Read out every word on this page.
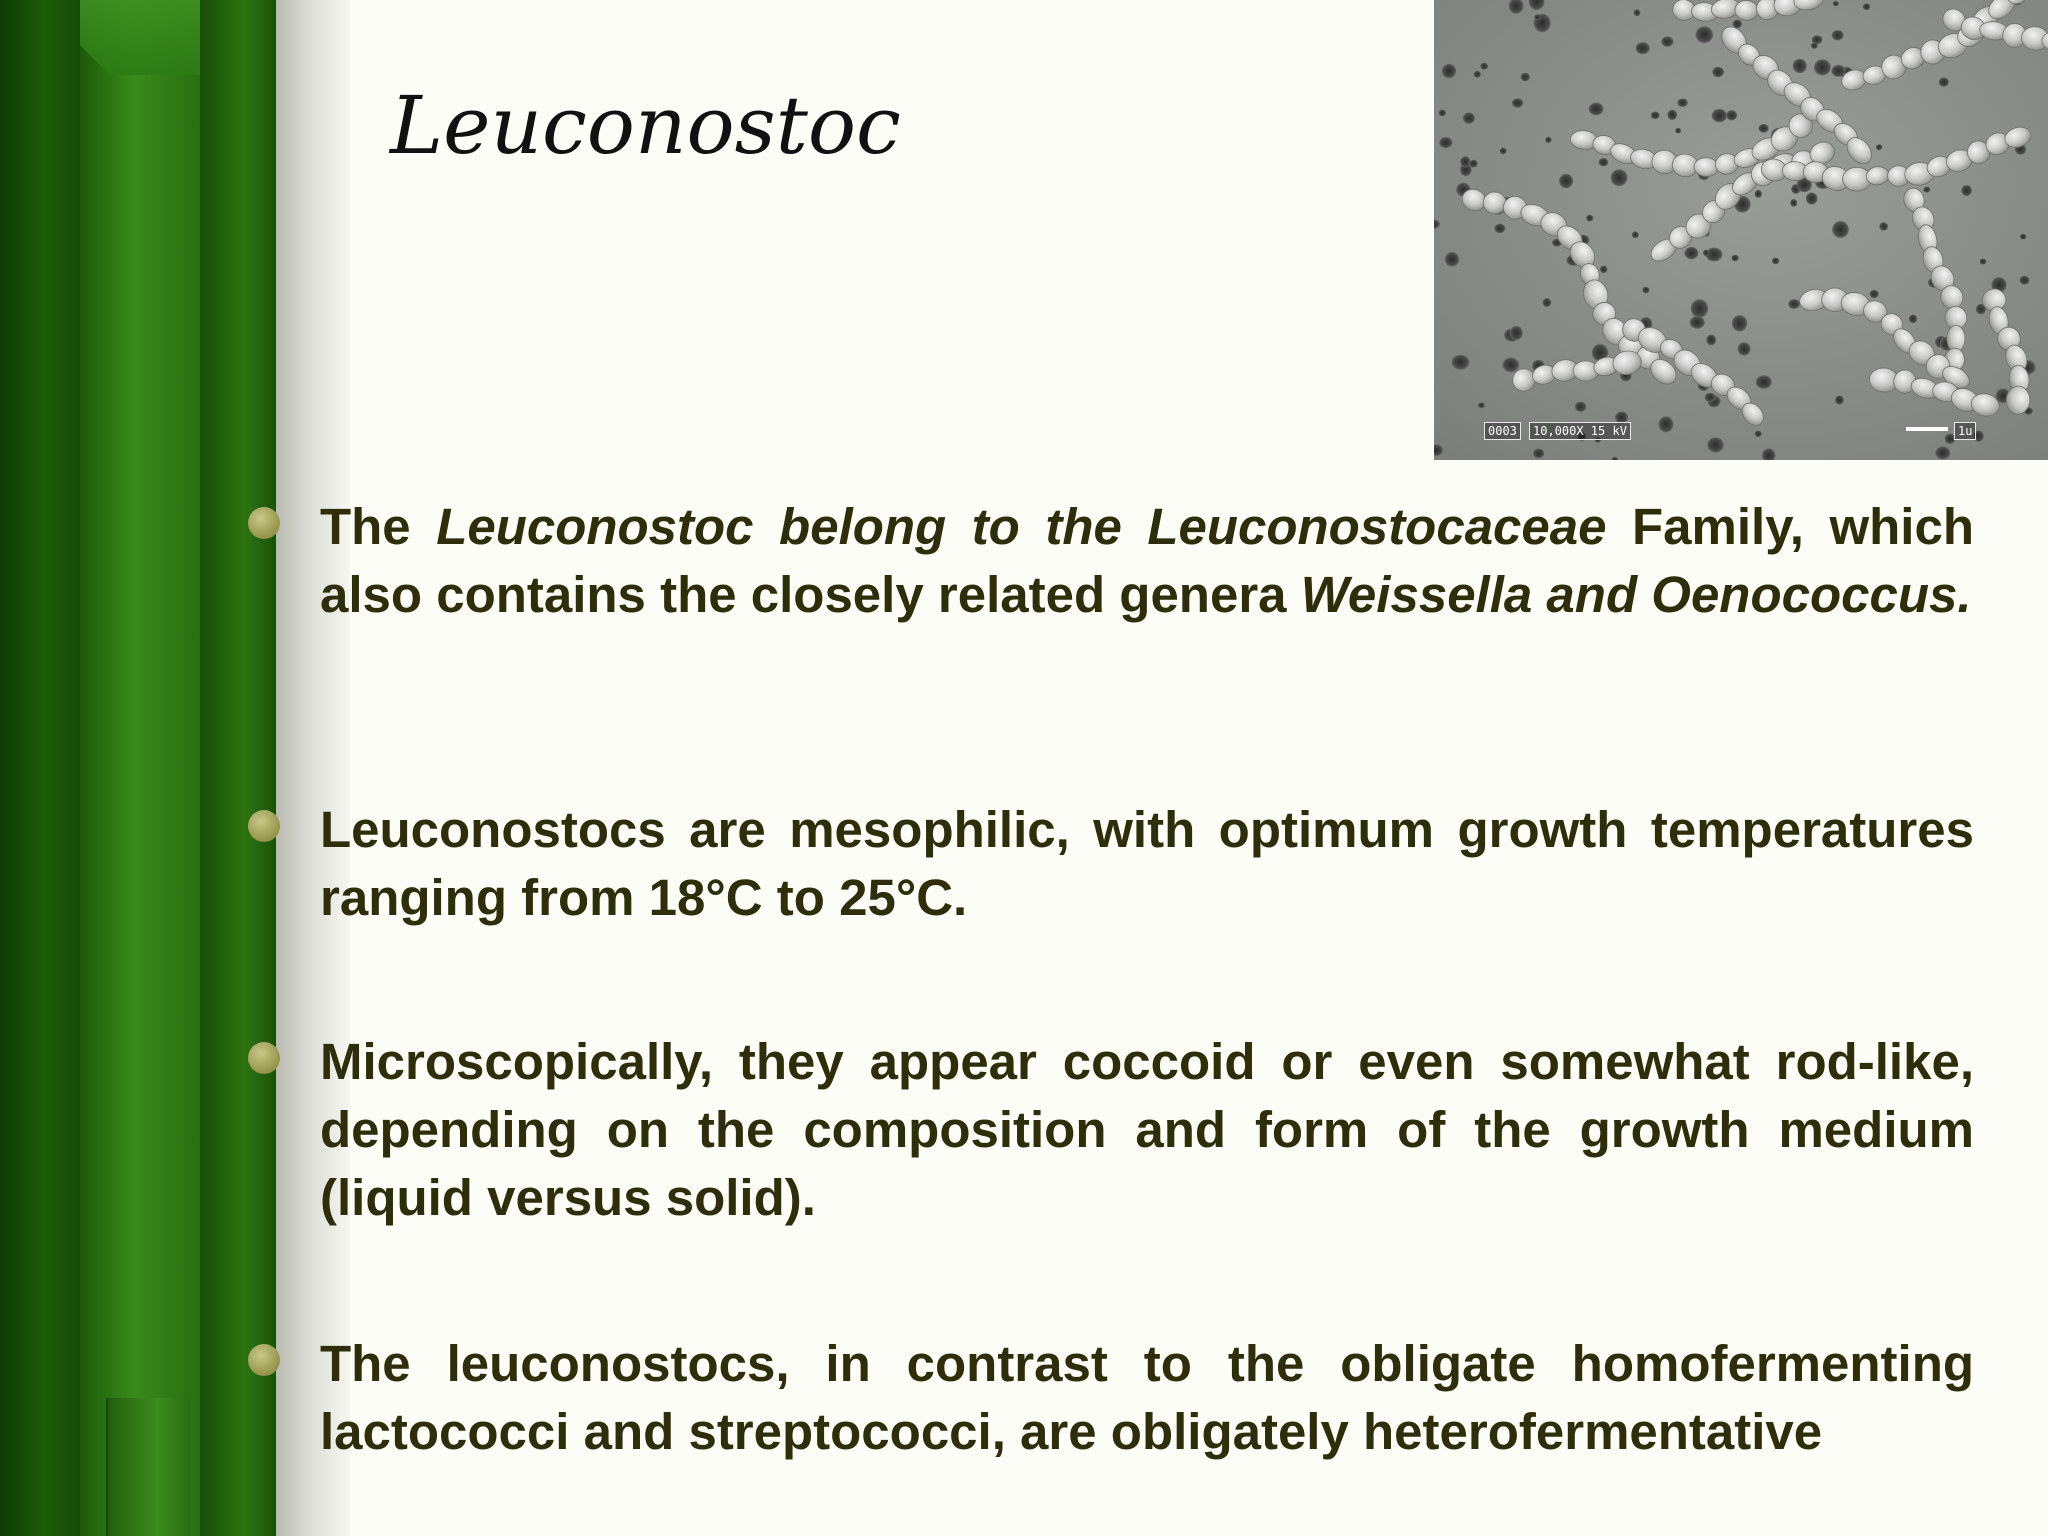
Leuconostoc
0003	10,000X 15 kV	1u
The Leuconostoc belong to the Leuconostocaceae Family, which also contains the closely related genera Weissella and Oenococcus.
Leuconostocs are mesophilic, with optimum growth temperatures ranging from 18°C to 25°C.
Microscopically, they appear coccoid or even somewhat rod-like, depending on the composition and form of the growth medium (liquid versus solid).
The leuconostocs, in contrast to the obligate homofermenting lactococci and streptococci, are obligately heterofermentative
